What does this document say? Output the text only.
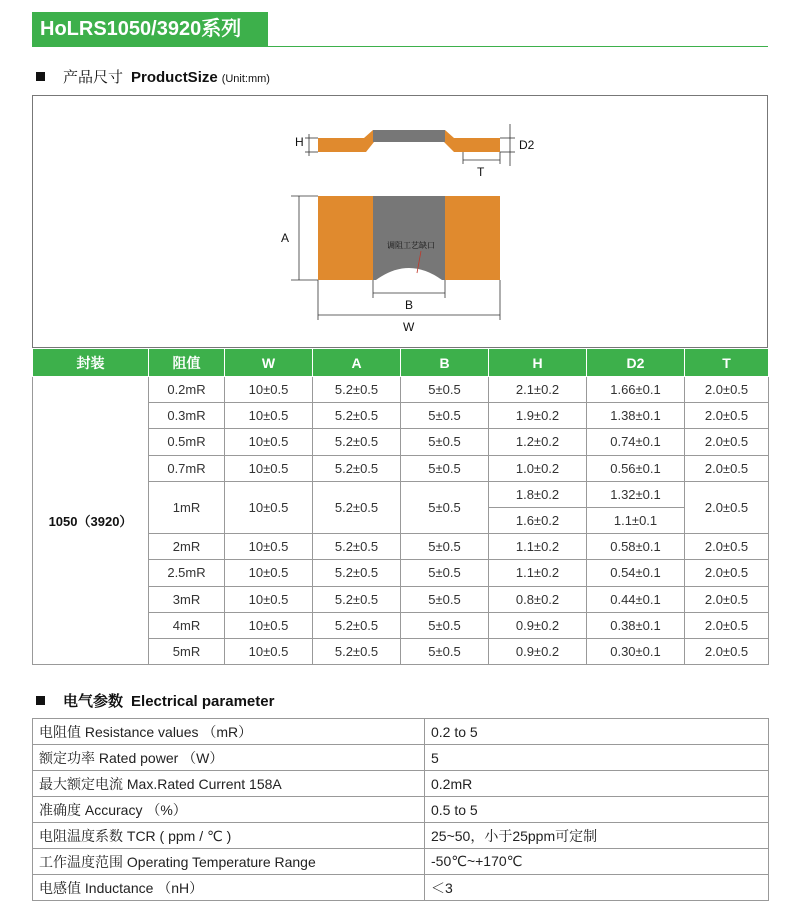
HoLRS1050/3920系列
产品尺寸 ProductSize (Unit:mm)
H	D2
T
调阻工艺缺口
A
B
W
封装	阻值	W	A	B	H	D2	T
1050（3920）	0.2mR	10±0.5	5.2±0.5	5±0.5	2.1±0.2	1.66±0.1	2.0±0.5
	0.3mR	10±0.5	5.2±0.5	5±0.5	1.9±0.2	1.38±0.1	2.0±0.5
	0.5mR	10±0.5	5.2±0.5	5±0.5	1.2±0.2	0.74±0.1	2.0±0.5
	0.7mR	10±0.5	5.2±0.5	5±0.5	1.0±0.2	0.56±0.1	2.0±0.5
	1mR	10±0.5	5.2±0.5	5±0.5	1.8±0.2	1.32±0.1	2.0±0.5
					1.6±0.2	1.1±0.1	
	2mR	10±0.5	5.2±0.5	5±0.5	1.1±0.2	0.58±0.1	2.0±0.5
	2.5mR	10±0.5	5.2±0.5	5±0.5	1.1±0.2	0.54±0.1	2.0±0.5
	3mR	10±0.5	5.2±0.5	5±0.5	0.8±0.2	0.44±0.1	2.0±0.5
	4mR	10±0.5	5.2±0.5	5±0.5	0.9±0.2	0.38±0.1	2.0±0.5
	5mR	10±0.5	5.2±0.5	5±0.5	0.9±0.2	0.30±0.1	2.0±0.5
电气参数 Electrical parameter
电阻值 Resistance values （mR）	0.2 to 5
额定功率 Rated power （W）	5
最大额定电流 Max.Rated Current 158A	0.2mR
准确度 Accuracy （%）	0.5 to 5
电阻温度系数 TCR ( ppm / ℃ )	25~50，小于25ppm可定制
工作温度范围 Operating Temperature Range	-50℃~+170℃
电感值 Inductance （nH）	＜3
